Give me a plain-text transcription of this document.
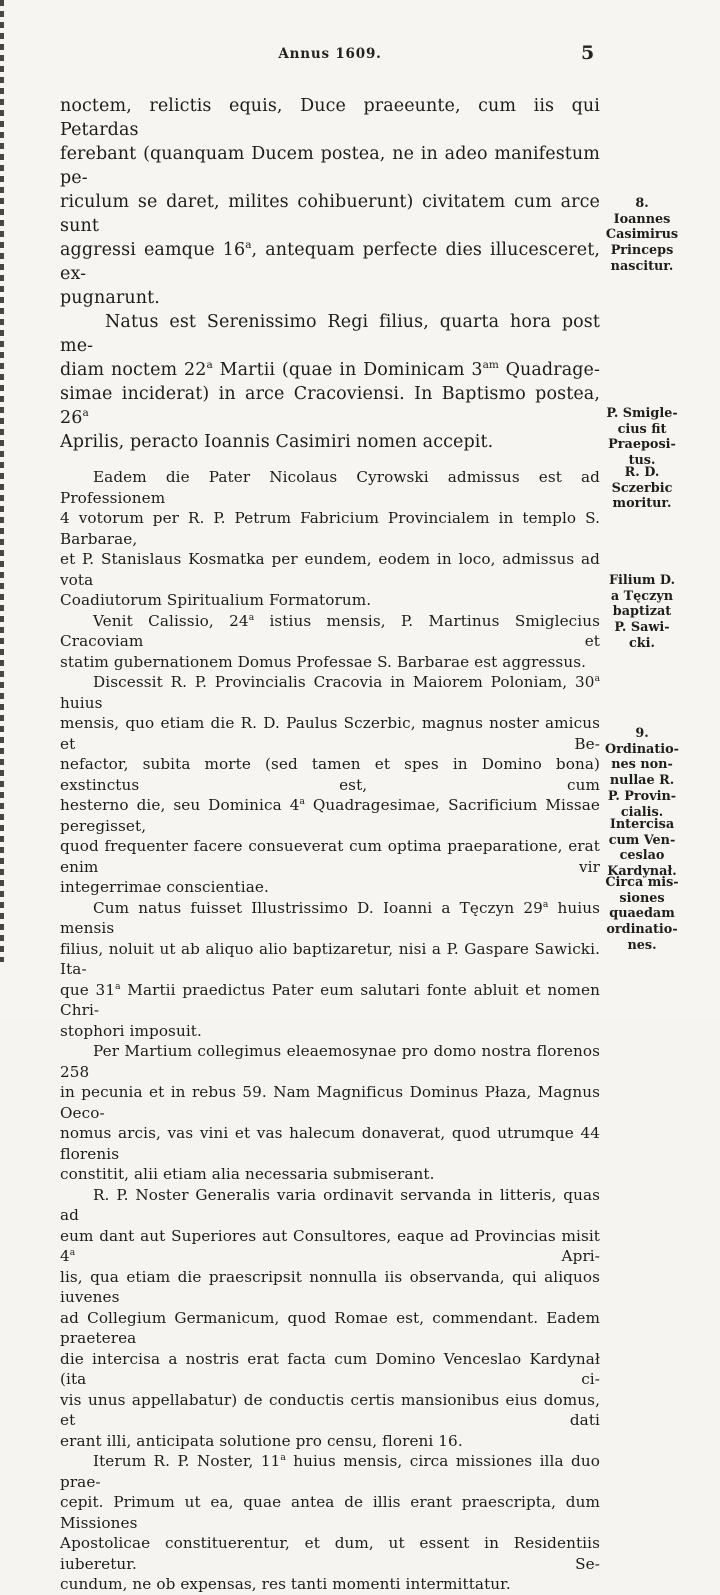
Annus 1609.	5
noctem, relictis equis, Duce praeeunte, cum iis qui Petardas
ferebant (quanquam Ducem postea, ne in adeo manifestum pe-
riculum se daret, milites cohibuerunt) civitatem cum arce sunt
aggressi eamque 16$^a$, antequam perfecte dies illucesceret, ex-
pugnarunt.
Natus est Serenissimo Regi filius, quarta hora post me-
diam noctem 22$^a$ Martii (quae in Dominicam $3^{am}$ Quadrage-
simae inciderat) in arce Cracoviensi. In Baptismo postea, 26$^a$
Aprilis, peracto Ioannis Casimiri nomen accepit.
Eadem die Pater Nicolaus Cyrowski admissus est ad Professionem
4 votorum per R. P. Petrum Fabricium Provincialem in templo S. Barbarae,
et P. Stanislaus Kosmatka per eundem, eodem in loco, admissus ad vota
Coadiutorum Spiritualium Formatorum.
Venit Calissio, 24$^a$ istius mensis, P. Martinus Smiglecius Cracoviam et
statim gubernationem Domus Professae S. Barbarae est aggressus.
Discessit R. P. Provincialis Cracovia in Maiorem Poloniam, 30$^a$ huius
mensis, quo etiam die R. D. Paulus Sczerbic, magnus noster amicus et Be-
nefactor, subita morte (sed tamen et spes in Domino bona) exstinctus est, cum
hesterno die, seu Dominica 4$^a$ Quadragesimae, Sacrificium Missae peregisset,
quod frequenter facere consueverat cum optima praeparatione, erat enim vir
integerrimae conscientiae.
Cum natus fuisset Illustrissimo D. Ioanni a Tęczyn 29$^a$ huius mensis
filius, noluit ut ab aliquo alio baptizaretur, nisi a P. Gaspare Sawicki. Ita-
que 31$^a$ Martii praedictus Pater eum salutari fonte abluit et nomen Chri-
stophori imposuit.
Per Martium collegimus eleaemosynae pro domo nostra florenos 258
in pecunia et in rebus 59. Nam Magnificus Dominus Płaza, Magnus Oeco-
nomus arcis, vas vini et vas halecum donaverat, quod utrumque 44 florenis
constitit, alii etiam alia necessaria submiserant.
R. P. Noster Generalis varia ordinavit servanda in litteris, quas ad
eum dant aut Superiores aut Consultores, eaque ad Provincias misit 4$^a$ Apri-
lis, qua etiam die praescripsit nonnulla iis observanda, qui aliquos iuvenes
ad Collegium Germanicum, quod Romae est, commendant. Eadem praeterea
die intercisa a nostris erat facta cum Domino Venceslao Kardynał (ita ci-
vis unus appellabatur) de conductis certis mansionibus eius domus, et dati
erant illi, anticipata solutione pro censu, floreni 16.
Iterum R. P. Noster, 11$^a$ huius mensis, circa missiones illa duo prae-
cepit. Primum ut ea, quae antea de illis erant praescripta, dum Missiones
Apostolicae constituerentur, et dum, ut essent in Residentiis iuberetur. Se-
cundum, ne ob expensas, res tanti momenti intermittatur.
8.
Ioannes
Casimirus
Princeps
nascitur.
P. Smigle-
cius fit
Praeposi-
tus.
R. D.
Sczerbic
moritur.
Filium D.
a Tęczyn
baptizat
P. Sawi-
cki.
9.
Ordinatio-
nes non-
nullae R.
P. Provin-
cialis.
Intercisa
cum Ven-
ceslao
Kardynał.
Circa mis-
siones
quaedam
ordinatio-
nes.
